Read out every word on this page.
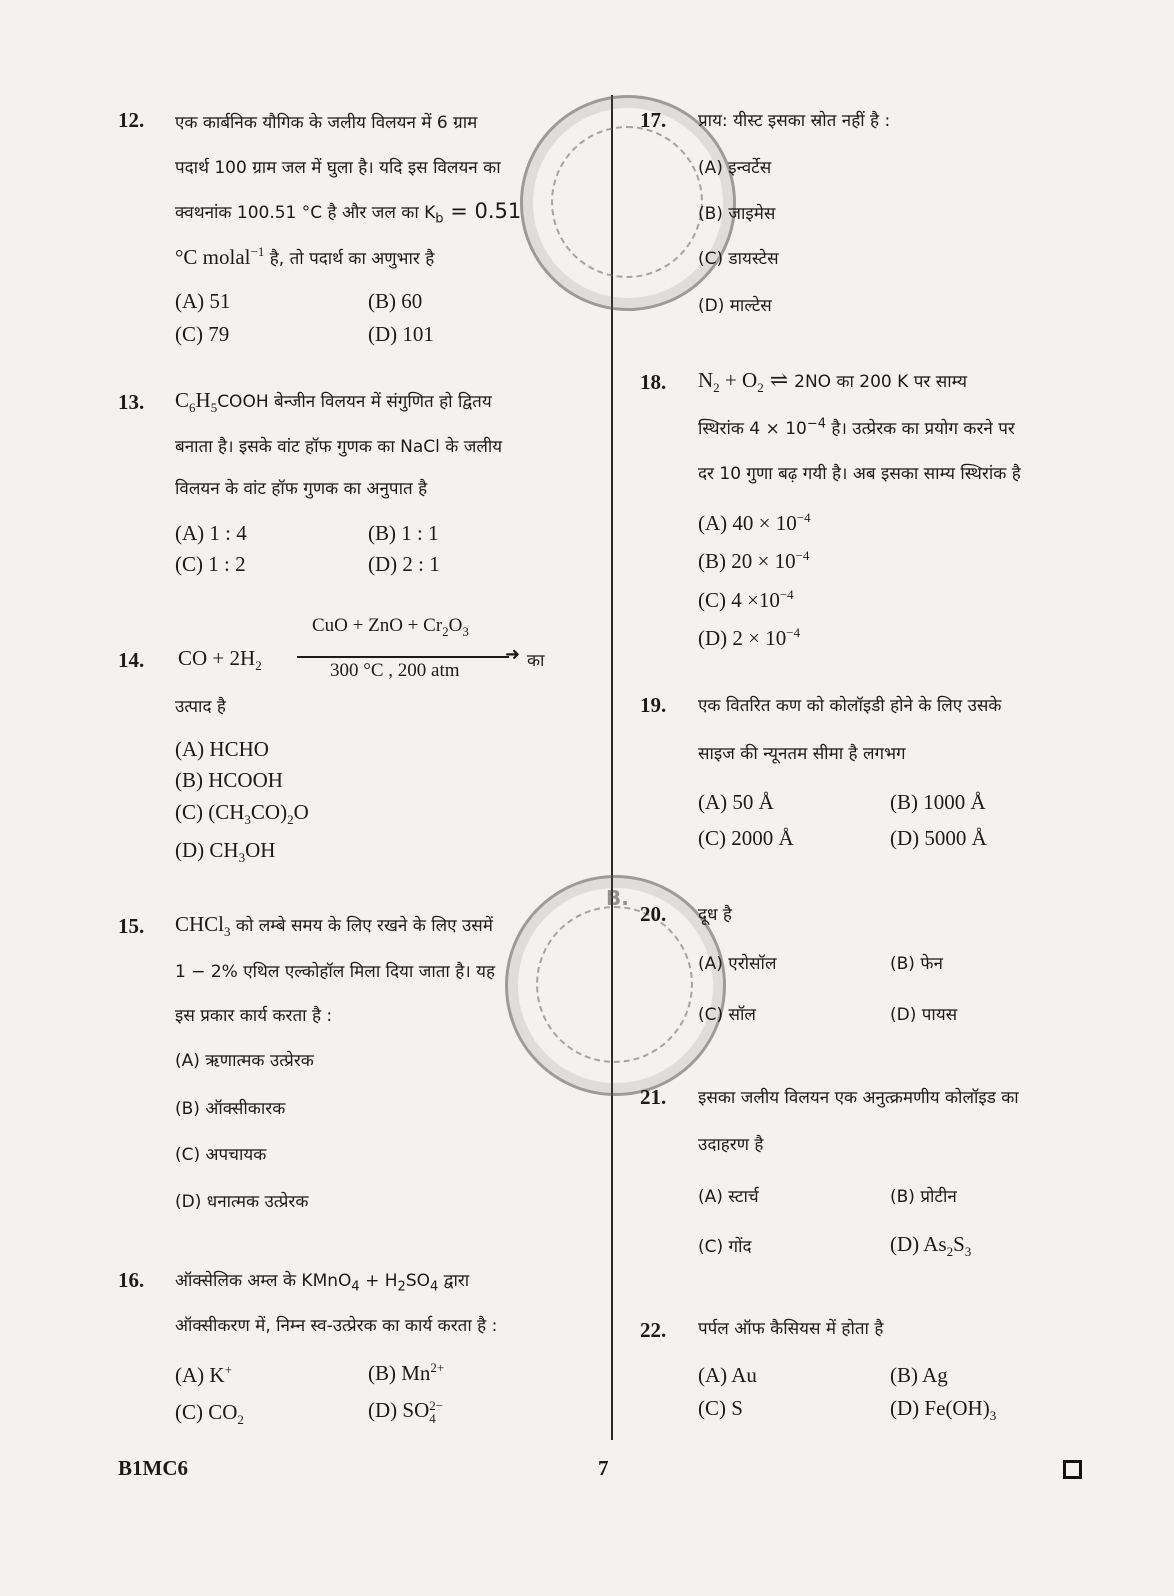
B.
12. एक कार्बनिक यौगिक के जलीय विलयन में 6 ग्राम
पदार्थ 100 ग्राम जल में घुला है। यदि इस विलयन का
क्वथनांक 100.51 °C है और जल का $K_b = 0.51$
°C molal$^{-1}$ है, तो पदार्थ का अणुभार है
(A) 51	(B) 60
(C) 79	(D) 101
13. $C_6H_5COOH$ बेन्जीन विलयन में संगुणित हो द्वितय
बनाता है। इसके वांट हॉफ गुणक का NaCl के जलीय
विलयन के वांट हॉफ गुणक का अनुपात है
(A) 1 : 4	(B) 1 : 1
(C) 1 : 2	(D) 2 : 1
14. CO + $2H_2$
CuO + ZnO + $Cr_2O_3$
➜
300 °C , 200 atm	का
उत्पाद है
(A) HCHO
(B) HCOOH
(C) $(CH_3CO)_2O$
(D) $CH_3OH$
15. CHCl$_3$ को लम्बे समय के लिए रखने के लिए उसमें
1 − 2% एथिल एल्कोहॉल मिला दिया जाता है। यह
इस प्रकार कार्य करता है :
(A) ऋणात्मक उत्प्रेरक
(B) ऑक्सीकारक
(C) अपचायक
(D) धनात्मक उत्प्रेरक
16. ऑक्सेलिक अम्ल के KMnO$_4$ + $H_2SO_4$ द्वारा
ऑक्सीकरण में, निम्न स्व-उत्प्रेरक का कार्य करता है :
(A) K+	(B) $Mn^{2+}$
(C) $CO_2$	(D) SO 2−
4
17. प्राय: यीस्ट इसका स्रोत नहीं है :
(A) इन्वर्टेस
(B) जाइमेस
(C) डायस्टेस
(D) माल्टेस
18. $N_2 + O_2$ ⇌ 2NO का 200 K पर साम्य
स्थिरांक $4 \times 10^{-4}$ है। उत्प्रेरक का प्रयोग करने पर
दर 10 गुणा बढ़ गयी है। अब इसका साम्य स्थिरांक है
(A) $40 \times 10^{-4}$
(B) $20 \times 10^{-4}$
(C) $4 \times 10^{-4}$
(D) $2 \times 10^{-4}$
19. एक वितरित कण को कोलॉइडी होने के लिए उसके
साइज की न्यूनतम सीमा है लगभग
(A) 50 Å	(B) 1000 Å
(C) 2000 Å	(D) 5000 Å
20. दूध है
(A) एरोसॉल	(B) फेन
(C) सॉल	(D) पायस
21. इसका जलीय विलयन एक अनुत्क्रमणीय कोलॉइड का
उदाहरण है
(A) स्टार्च	(B) प्रोटीन
(C) गोंद	(D) $As_2S_3$
22. पर्पल ऑफ कैसियस में होता है
(A) Au	(B) Ag
(C) S	(D) $Fe(OH)_3$
B1MC6	7
